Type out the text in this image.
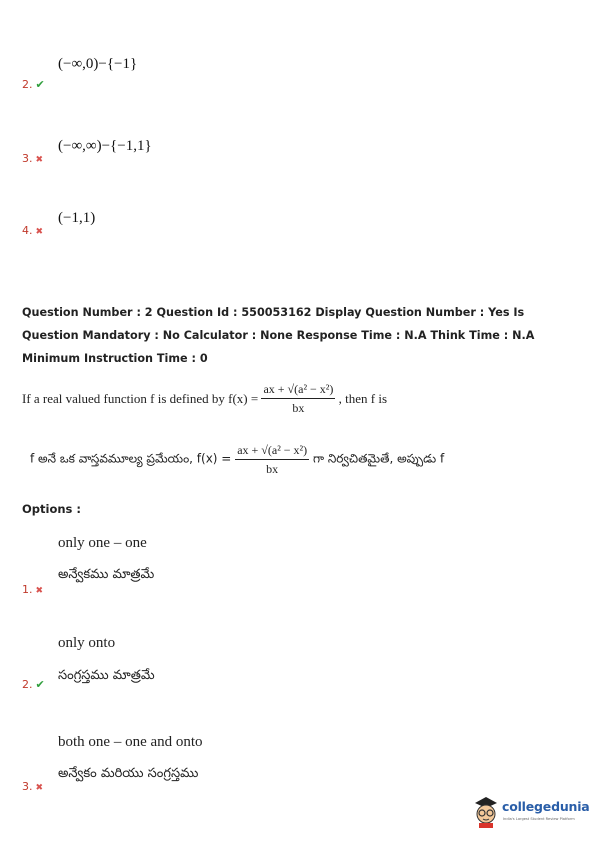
(−∞,0)−{−1}
2. ✔
(−∞,∞)−{−1,1}
3. ✖
(−1,1)
4. ✖
Question Number : 2 Question Id : 550053162 Display Question Number : Yes Is Question Mandatory : No Calculator : None Response Time : N.A Think Time : N.A Minimum Instruction Time : 0
If a real valued function f is defined by $f(x) = \frac{\text{ax + √(a² − x²)}}{bx}$ , then f is
f అనే ఒక వాస్తవమూల్య ప్రమేయం, $f(x) = \frac{\text{ax + √(a² − x²)}}{bx}$ గా నిర్వచితమైతే, అప్పుడు f
Options :
only one – one
అన్వేకము మాత్రమే
1. ✖
only onto
సంగ్రస్తము మాత్రమే
2. ✔
both one – one and onto
అన్వేకం మరియు సంగ్రస్తము
3. ✖
collegedunia
India's Largest Student Review Platform
